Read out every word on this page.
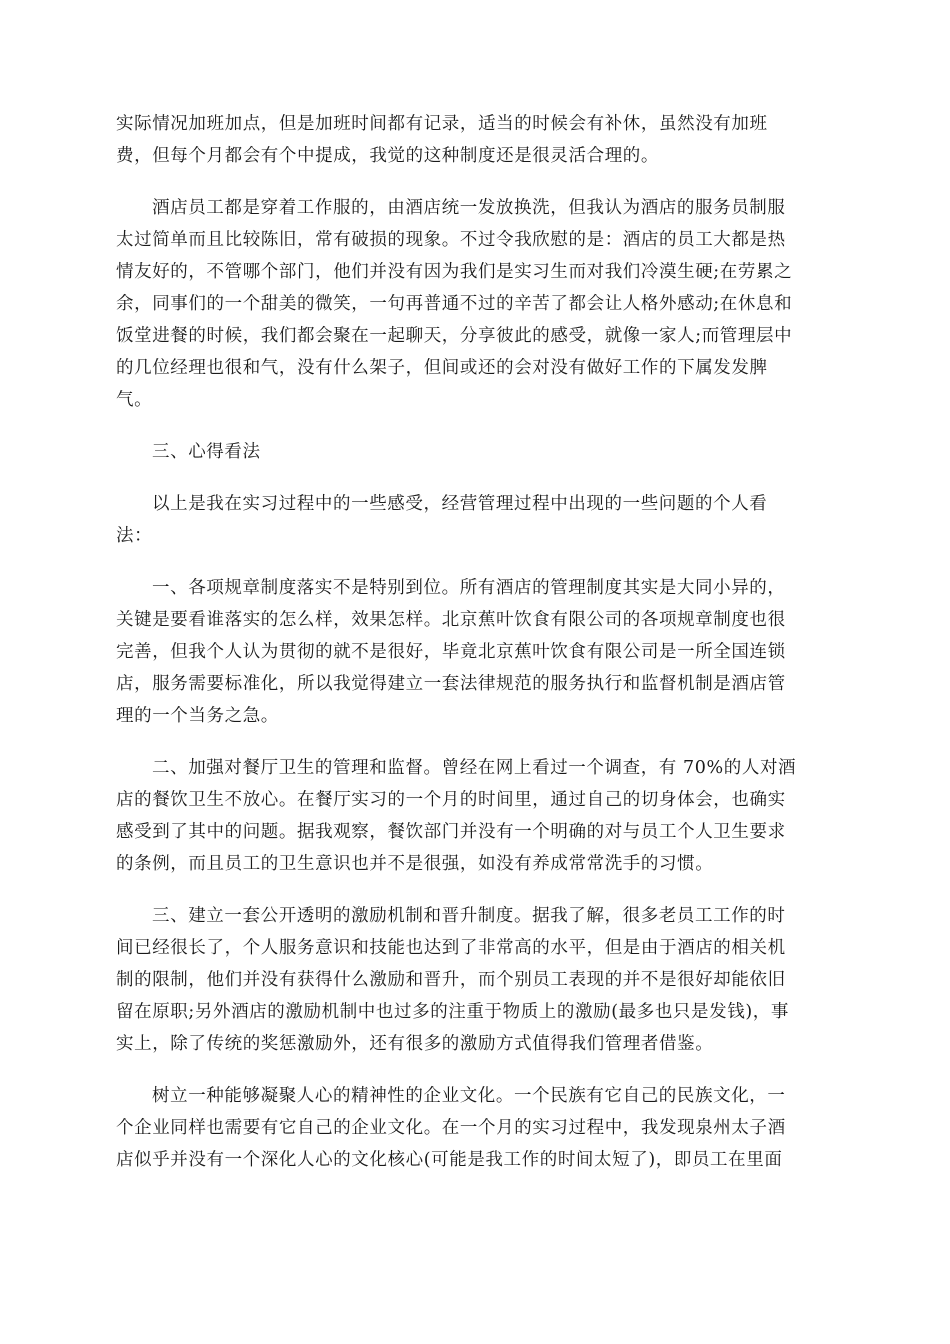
实际情况加班加点，但是加班时间都有记录，适当的时候会有补休，虽然没有加班
费，但每个月都会有个中提成，我觉的这种制度还是很灵活合理的。

酒店员工都是穿着工作服的，由酒店统一发放换洗，但我认为酒店的服务员制服
太过简单而且比较陈旧，常有破损的现象。不过令我欣慰的是：酒店的员工大都是热
情友好的，不管哪个部门，他们并没有因为我们是实习生而对我们冷漠生硬;在劳累之
余，同事们的一个甜美的微笑，一句再普通不过的辛苦了都会让人格外感动;在休息和
饭堂进餐的时候，我们都会聚在一起聊天，分享彼此的感受，就像一家人;而管理层中
的几位经理也很和气，没有什么架子，但间或还的会对没有做好工作的下属发发脾
气。

三、心得看法

以上是我在实习过程中的一些感受，经营管理过程中出现的一些问题的个人看
法：

一、各项规章制度落实不是特别到位。所有酒店的管理制度其实是大同小异的，
关键是要看谁落实的怎么样，效果怎样。北京蕉叶饮食有限公司的各项规章制度也很
完善，但我个人认为贯彻的就不是很好，毕竟北京蕉叶饮食有限公司是一所全国连锁
店，服务需要标准化，所以我觉得建立一套法律规范的服务执行和监督机制是酒店管
理的一个当务之急。

二、加强对餐厅卫生的管理和监督。曾经在网上看过一个调查，有 70%的人对酒
店的餐饮卫生不放心。在餐厅实习的一个月的时间里，通过自己的切身体会，也确实
感受到了其中的问题。据我观察，餐饮部门并没有一个明确的对与员工个人卫生要求
的条例，而且员工的卫生意识也并不是很强，如没有养成常常洗手的习惯。

三、建立一套公开透明的激励机制和晋升制度。据我了解，很多老员工工作的时
间已经很长了，个人服务意识和技能也达到了非常高的水平，但是由于酒店的相关机
制的限制，他们并没有获得什么激励和晋升，而个别员工表现的并不是很好却能依旧
留在原职;另外酒店的激励机制中也过多的注重于物质上的激励(最多也只是发钱)，事
实上，除了传统的奖惩激励外，还有很多的激励方式值得我们管理者借鉴。

树立一种能够凝聚人心的精神性的企业文化。一个民族有它自己的民族文化，一
个企业同样也需要有它自己的企业文化。在一个月的实习过程中，我发现泉州太子酒
店似乎并没有一个深化人心的文化核心(可能是我工作的时间太短了)，即员工在里面
